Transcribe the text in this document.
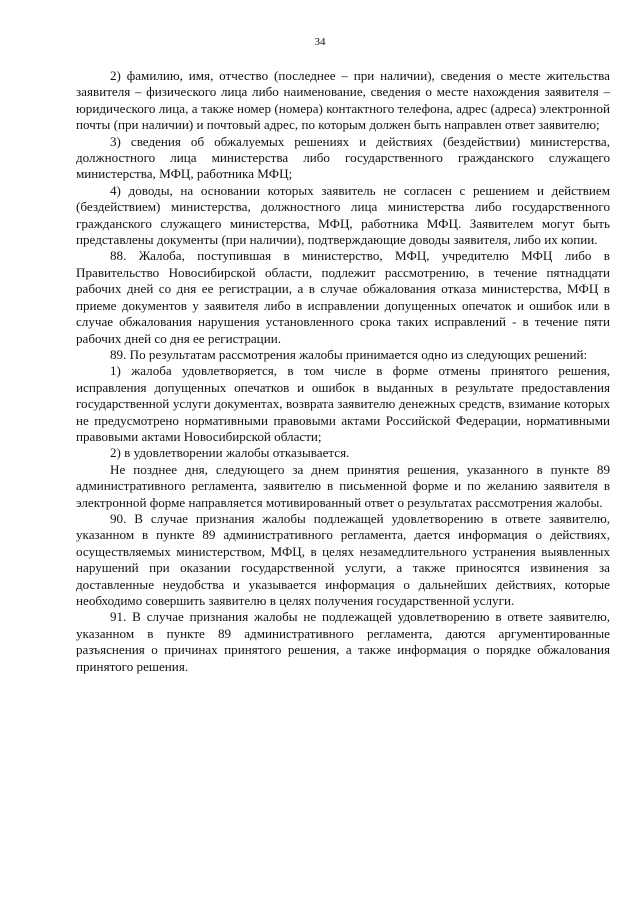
34

2) фамилию, имя, отчество (последнее – при наличии), сведения о месте жительства заявителя – физического лица либо наименование, сведения о месте нахождения заявителя – юридического лица, а также номер (номера) контактного телефона, адрес (адреса) электронной почты (при наличии) и почтовый адрес, по которым должен быть направлен ответ заявителю;

3) сведения об обжалуемых решениях и действиях (бездействии) министерства, должностного лица министерства либо государственного гражданского служащего министерства, МФЦ, работника МФЦ;

4) доводы, на основании которых заявитель не согласен с решением и действием (бездействием) министерства, должностного лица министерства либо государственного гражданского служащего министерства, МФЦ, работника МФЦ. Заявителем могут быть представлены документы (при наличии), подтверждающие доводы заявителя, либо их копии.

88. Жалоба, поступившая в министерство, МФЦ, учредителю МФЦ либо в Правительство Новосибирской области, подлежит рассмотрению, в течение пятнадцати рабочих дней со дня ее регистрации, а в случае обжалования отказа министерства, МФЦ в приеме документов у заявителя либо в исправлении допущенных опечаток и ошибок или в случае обжалования нарушения установленного срока таких исправлений - в течение пяти рабочих дней со дня ее регистрации.

89. По результатам рассмотрения жалобы принимается одно из следующих решений:

1) жалоба удовлетворяется, в том числе в форме отмены принятого решения, исправления допущенных опечатков и ошибок в выданных в результате предоставления государственной услуги документах, возврата заявителю денежных средств, взимание которых не предусмотрено нормативными правовыми актами Российской Федерации, нормативными правовыми актами Новосибирской области;

2) в удовлетворении жалобы отказывается.

Не позднее дня, следующего за днем принятия решения, указанного в пункте 89 административного регламента, заявителю в письменной форме и по желанию заявителя в электронной форме направляется мотивированный ответ о результатах рассмотрения жалобы.

90. В случае признания жалобы подлежащей удовлетворению в ответе заявителю, указанном в пункте 89 административного регламента, дается информация о действиях, осуществляемых министерством, МФЦ, в целях незамедлительного устранения выявленных нарушений при оказании государственной услуги, а также приносятся извинения за доставленные неудобства и указывается информация о дальнейших действиях, которые необходимо совершить заявителю в целях получения государственной услуги.

91. В случае признания жалобы не подлежащей удовлетворению в ответе заявителю, указанном в пункте 89 административного регламента, даются аргументированные разъяснения о причинах принятого решения, а также информация о порядке обжалования принятого решения.
